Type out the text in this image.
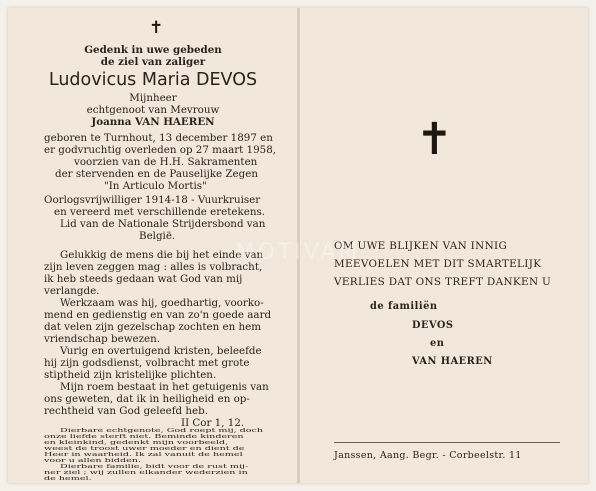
✝
Gedenk in uwe gebeden
de ziel van zaliger
Ludovicus Maria DEVOS
Mijnheer
echtgenoot van Mevrouw
Joanna VAN HAEREN
geboren te Turnhout, 13 december 1897 en
er godvruchtig overleden op 27 maart 1958,
voorzien van de H.H. Sakramenten
der stervenden en de Pauselijke Zegen
"In Articulo Mortis"
Oorlogsvrijwilliger 1914-18 - Vuurkruiser
en vereerd met verschillende eretekens.
Lid van de Nationale Strijdersbond van
België.
Gelukkig de mens die bij het einde van
zijn leven zeggen mag : alles is volbracht,
ik heb steeds gedaan wat God van mij
verlangde.
Werkzaam was hij, goedhartig, voorko-
mend en gedienstig en van zo'n goede aard
dat velen zijn gezelschap zochten en hem
vriendschap bewezen.
Vurig en overtuigend kristen, beleefde
hij zijn godsdienst, volbracht met grote
stiptheid zijn kristelijke plichten.
Mijn roem bestaat in het getuigenis van
ons geweten, dat ik in heiligheid en op-
rechtheid van God geleefd heb.
II Cor 1, 12.
Dierbare echtgenote, God roept mij, doch
onze liefde sterft niet. Beminde kinderen
en kleinkind, gedenkt mijn voorbeeld,
weest de troost uwer moeder en dient de
Heer in waarheid. Ik zal vanuit de hemel
voor u allen bidden.
Dierbare familie, bidt voor de rust mij-
ner ziel ; wij zullen elkander wederzien in
de hemel.
✝
OM UWE BLIJKEN VAN INNIG
MEEVOELEN MET DIT SMARTELIJK
VERLIES DAT ONS TREFT DANKEN U
de familiën
DEVOS
en
VAN HAEREN
Janssen, Aang. Begr. - Corbeelstr. 11
MOTIVAM
